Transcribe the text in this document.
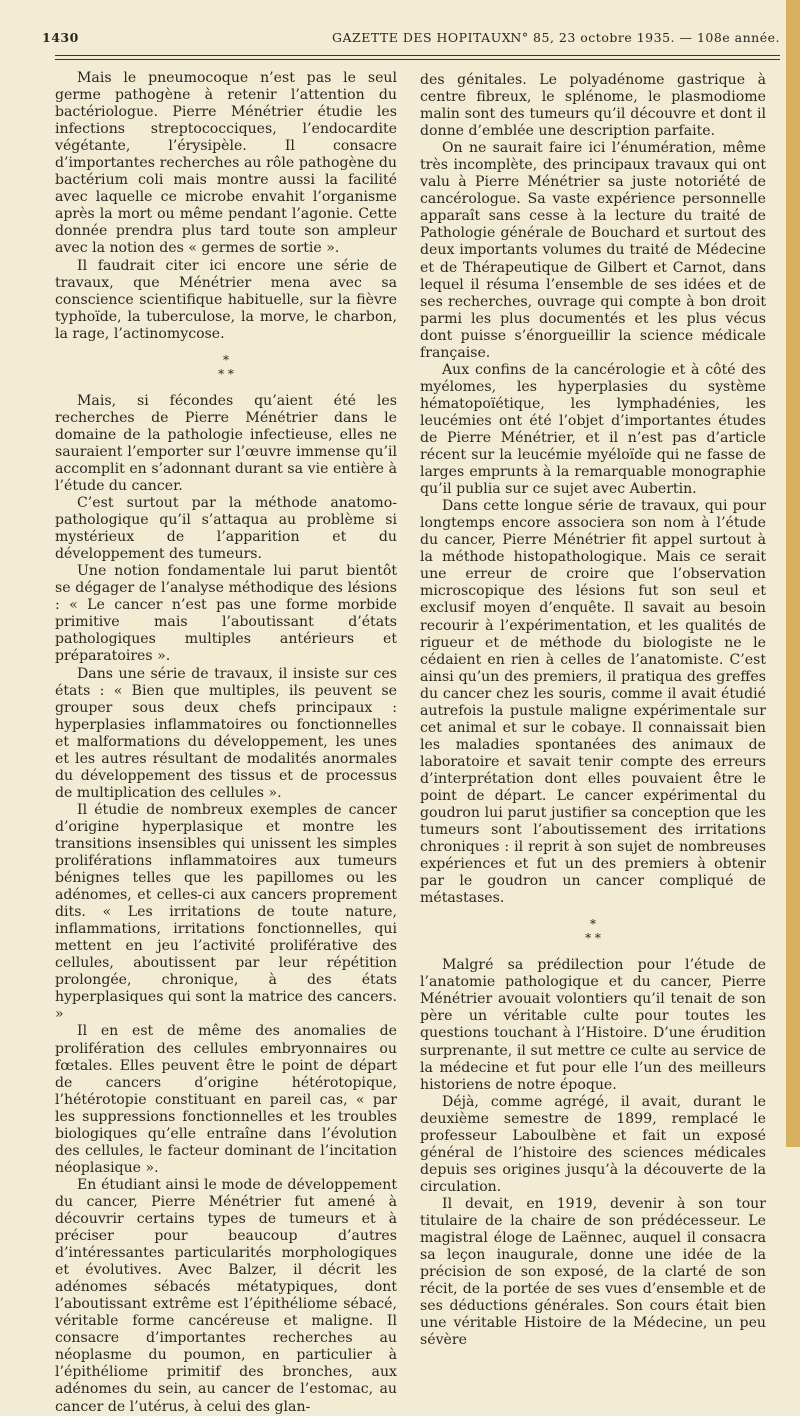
1430	GAZETTE DES HOPITAUX N° 85, 23 octobre 1935. — 108e année.

Mais le pneumocoque n’est pas le seul germe pathogène à retenir l’attention du bactériologue. Pierre Ménétrier étudie les infections streptococciques, l’endocardite végétante, l’érysipèle. Il consacre d’importantes recherches au rôle pathogène du bactérium coli mais montre aussi la facilité avec laquelle ce microbe envahit l’organisme après la mort ou même pendant l’agonie. Cette donnée prendra plus tard toute son ampleur avec la notion des « germes de sortie ».

Il faudrait citer ici encore une série de travaux, que Ménétrier mena avec sa conscience scientifique habituelle, sur la fièvre typhoïde, la tuberculose, la morve, le charbon, la rage, l’actinomycose.

*
* *

Mais, si fécondes qu’aient été les recherches de Pierre Ménétrier dans le domaine de la pathologie infectieuse, elles ne sauraient l’emporter sur l’œuvre immense qu’il accomplit en s’adonnant durant sa vie entière à l’étude du cancer.

C’est surtout par la méthode anatomo-pathologique qu’il s’attaqua au problème si mystérieux de l’apparition et du développement des tumeurs.

Une notion fondamentale lui parut bientôt se dégager de l’analyse méthodique des lésions : « Le cancer n’est pas une forme morbide primitive mais l’aboutissant d’états pathologiques multiples antérieurs et préparatoires ».

Dans une série de travaux, il insiste sur ces états : « Bien que multiples, ils peuvent se grouper sous deux chefs principaux : hyperplasies inflammatoires ou fonctionnelles et malformations du développement, les unes et les autres résultant de modalités anormales du développement des tissus et de processus de multiplication des cellules ».

Il étudie de nombreux exemples de cancer d’origine hyperplasique et montre les transitions insensibles qui unissent les simples proliférations inflammatoires aux tumeurs bénignes telles que les papillomes ou les adénomes, et celles-ci aux cancers proprement dits. « Les irritations de toute nature, inflammations, irritations fonctionnelles, qui mettent en jeu l’activité proliférative des cellules, aboutissent par leur répétition prolongée, chronique, à des états hyperplasiques qui sont la matrice des cancers. »

Il en est de même des anomalies de prolifération des cellules embryonnaires ou fœtales. Elles peuvent être le point de départ de cancers d’origine hétérotopique, l’hétérotopie constituant en pareil cas, « par les suppressions fonctionnelles et les troubles biologiques qu’elle entraîne dans l’évolution des cellules, le facteur dominant de l’incitation néoplasique ».

En étudiant ainsi le mode de développement du cancer, Pierre Ménétrier fut amené à découvrir certains types de tumeurs et à préciser pour beaucoup d’autres d’intéressantes particularités morphologiques et évolutives. Avec Balzer, il décrit les adénomes sébacés métatypiques, dont l’aboutissant extrême est l’épithéliome sébacé, véritable forme cancéreuse et maligne. Il consacre d’importantes recherches au néoplasme du poumon, en particulier à l’épithéliome primitif des bronches, aux adénomes du sein, au cancer de l’estomac, au cancer de l’utérus, à celui des glan-

des génitales. Le polyadénome gastrique à centre fibreux, le splénome, le plasmodiome malin sont des tumeurs qu’il découvre et dont il donne d’emblée une description parfaite.

On ne saurait faire ici l’énumération, même très incomplète, des principaux travaux qui ont valu à Pierre Ménétrier sa juste notoriété de cancérologue. Sa vaste expérience personnelle apparaît sans cesse à la lecture du traité de Pathologie générale de Bouchard et surtout des deux importants volumes du traité de Médecine et de Thérapeutique de Gilbert et Carnot, dans lequel il résuma l’ensemble de ses idées et de ses recherches, ouvrage qui compte à bon droit parmi les plus documentés et les plus vécus dont puisse s’énorgueillir la science médicale française.

Aux confins de la cancérologie et à côté des myélomes, les hyperplasies du système hématopoïétique, les lymphadénies, les leucémies ont été l’objet d’importantes études de Pierre Ménétrier, et il n’est pas d’article récent sur la leucémie myéloïde qui ne fasse de larges emprunts à la remarquable monographie qu’il publia sur ce sujet avec Aubertin.

Dans cette longue série de travaux, qui pour longtemps encore associera son nom à l’étude du cancer, Pierre Ménétrier fit appel surtout à la méthode histopathologique. Mais ce serait une erreur de croire que l’observation microscopique des lésions fut son seul et exclusif moyen d’enquête. Il savait au besoin recourir à l’expérimentation, et les qualités de rigueur et de méthode du biologiste ne le cédaient en rien à celles de l’anatomiste. C’est ainsi qu’un des premiers, il pratiqua des greffes du cancer chez les souris, comme il avait étudié autrefois la pustule maligne expérimentale sur cet animal et sur le cobaye. Il connaissait bien les maladies spontanées des animaux de laboratoire et savait tenir compte des erreurs d’interprétation dont elles pouvaient être le point de départ. Le cancer expérimental du goudron lui parut justifier sa conception que les tumeurs sont l’aboutissement des irritations chroniques : il reprit à son sujet de nombreuses expériences et fut un des premiers à obtenir par le goudron un cancer compliqué de métastases.

*
* *

Malgré sa prédilection pour l’étude de l’anatomie pathologique et du cancer, Pierre Ménétrier avouait volontiers qu’il tenait de son père un véritable culte pour toutes les questions touchant à l’Histoire. D’une érudition surprenante, il sut mettre ce culte au service de la médecine et fut pour elle l’un des meilleurs historiens de notre époque.

Déjà, comme agrégé, il avait, durant le deuxième semestre de 1899, remplacé le professeur Laboulbène et fait un exposé général de l’histoire des sciences médicales depuis ses origines jusqu’à la découverte de la circulation.

Il devait, en 1919, devenir à son tour titulaire de la chaire de son prédécesseur. Le magistral éloge de Laënnec, auquel il consacra sa leçon inaugurale, donne une idée de la précision de son exposé, de la clarté de son récit, de la portée de ses vues d’ensemble et de ses déductions générales. Son cours était bien une véritable Histoire de la Médecine, un peu sévère
